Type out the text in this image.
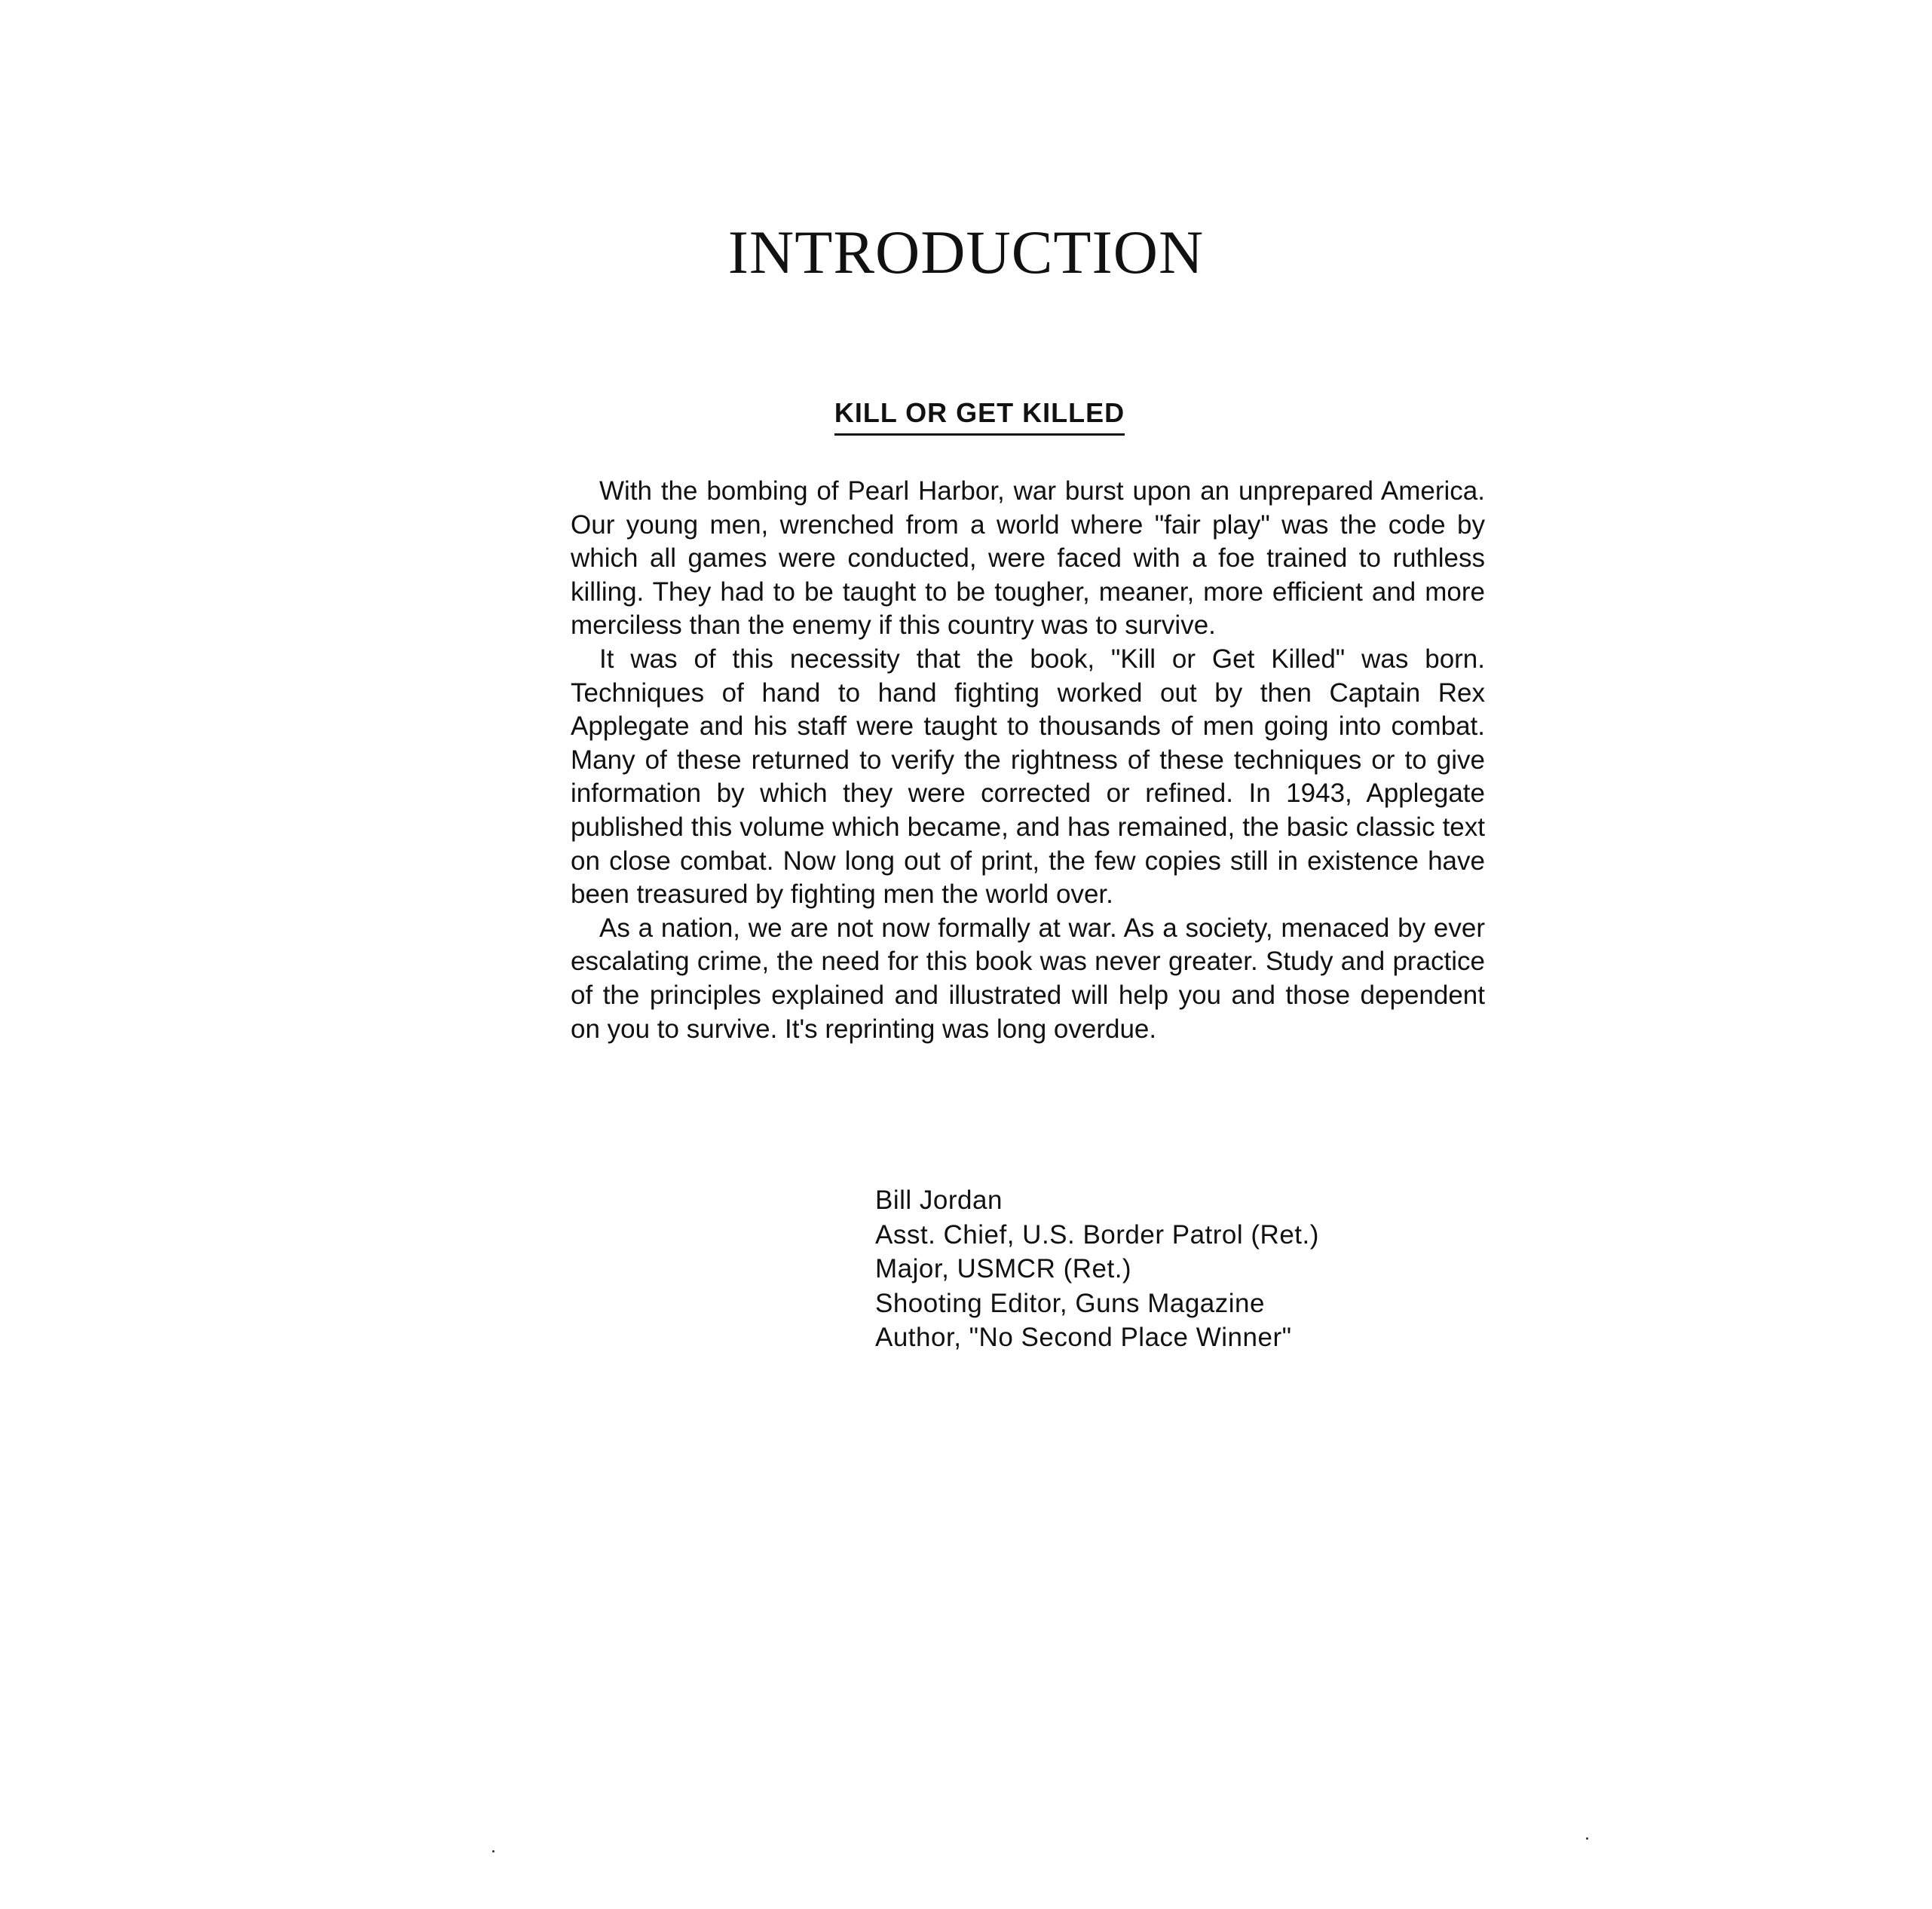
INTRODUCTION
KILL OR GET KILLED

With the bombing of Pearl Harbor, war burst upon an unprepared America. Our young men, wrenched from a world where "fair play" was the code by which all games were conducted, were faced with a foe trained to ruthless killing. They had to be taught to be tougher, meaner, more efficient and more merciless than the enemy if this country was to survive.

It was of this necessity that the book, "Kill or Get Killed" was born. Techniques of hand to hand fighting worked out by then Captain Rex Applegate and his staff were taught to thousands of men going into combat. Many of these returned to verify the rightness of these techniques or to give information by which they were corrected or refined. In 1943, Applegate published this volume which became, and has remained, the basic classic text on close combat. Now long out of print, the few copies still in existence have been treasured by fighting men the world over.

As a nation, we are not now formally at war. As a society, menaced by ever escalating crime, the need for this book was never greater. Study and practice of the principles explained and illustrated will help you and those dependent on you to survive. It's reprinting was long overdue.

Bill Jordan
Asst. Chief, U.S. Border Patrol (Ret.)
Major, USMCR (Ret.)
Shooting Editor, Guns Magazine
Author, "No Second Place Winner"
